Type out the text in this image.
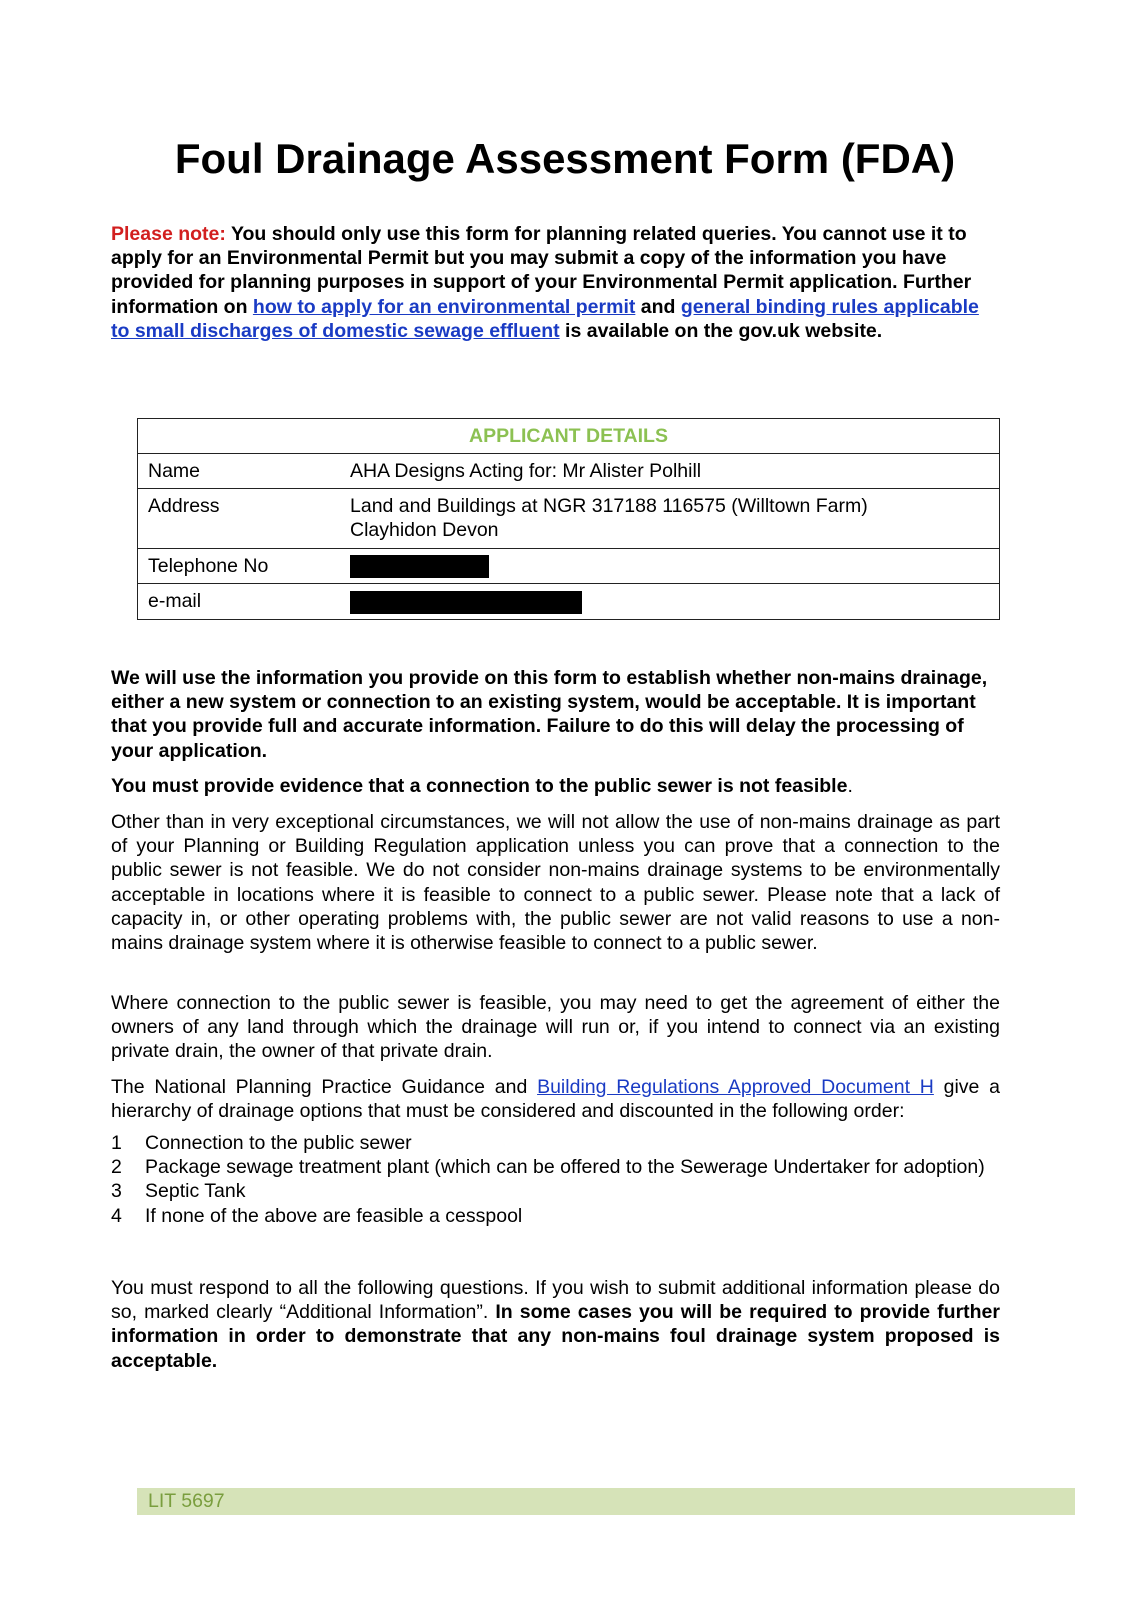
Foul Drainage Assessment Form (FDA)

Please note: You should only use this form for planning related queries. You cannot use it to apply for an Environmental Permit but you may submit a copy of the information you have provided for planning purposes in support of your Environmental Permit application. Further information on how to apply for an environmental permit and general binding rules applicable to small discharges of domestic sewage effluent is available on the gov.uk website.

APPLICANT DETAILS	
Name	AHA Designs Acting for: Mr Alister Polhill
Address	Land and Buildings at NGR 317188 116575 (Willtown Farm)
Clayhidon Devon

Telephone No	
e-mail	

We will use the information you provide on this form to establish whether non-mains drainage, either a new system or connection to an existing system, would be acceptable. It is important that you provide full and accurate information. Failure to do this will delay the processing of your application.

You must provide evidence that a connection to the public sewer is not feasible.

Other than in very exceptional circumstances, we will not allow the use of non-mains drainage as part of your Planning or Building Regulation application unless you can prove that a connection to the public sewer is not feasible. We do not consider non-mains drainage systems to be environmentally acceptable in locations where it is feasible to connect to a public sewer. Please note that a lack of capacity in, or other operating problems with, the public sewer are not valid reasons to use a non-mains drainage system where it is otherwise feasible to connect to a public sewer.

Where connection to the public sewer is feasible, you may need to get the agreement of either the owners of any land through which the drainage will run or, if you intend to connect via an existing private drain, the owner of that private drain.

The National Planning Practice Guidance and Building Regulations Approved Document H give a hierarchy of drainage options that must be considered and discounted in the following order:

1	Connection to the public sewer
2	Package sewage treatment plant (which can be offered to the Sewerage Undertaker for adoption)
3	Septic Tank
4	If none of the above are feasible a cesspool

You must respond to all the following questions. If you wish to submit additional information please do so, marked clearly “Additional Information”. In some cases you will be required to provide further information in order to demonstrate that any non-mains foul drainage system proposed is acceptable.

LIT 5697
